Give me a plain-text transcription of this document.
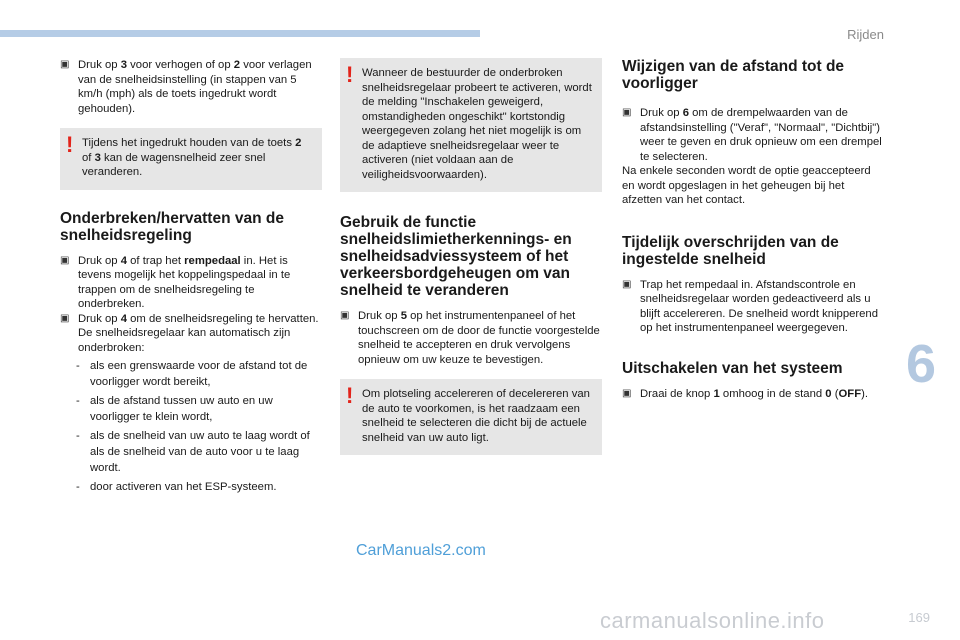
Rijden
6
169
▣ Druk op 3 voor verhogen of op 2 voor verlagen van de snelheidsinstelling (in stappen van 5 km/h (mph) als de toets ingedrukt wordt gehouden).
! Tijdens het ingedrukt houden van de toets 2 of 3 kan de wagensnelheid zeer snel veranderen.
Onderbreken/hervatten van de snelheidsregeling
▣ Druk op 4 of trap het rempedaal in. Het is tevens mogelijk het koppelingspedaal in te trappen om de snelheidsregeling te onderbreken.
▣ Druk op 4 om de snelheidsregeling te hervatten. De snelheidsregelaar kan automatisch zijn onderbroken:
- als een grenswaarde voor de afstand tot de voorligger wordt bereikt,
- als de afstand tussen uw auto en uw voorligger te klein wordt,
- als de snelheid van uw auto te laag wordt of als de snelheid van de auto voor u te laag wordt.
- door activeren van het ESP-systeem.
! Wanneer de bestuurder de onderbroken snelheidsregelaar probeert te activeren, wordt de melding "Inschakelen geweigerd, omstandigheden ongeschikt" kortstondig weergegeven zolang het niet mogelijk is om de adaptieve snelheidsregelaar weer te activeren (niet voldaan aan de veiligheidsvoorwaarden).
Gebruik de functie snelheidslimietherkennings- en snelheidsadviessysteem of het verkeersbordgeheugen om van snelheid te veranderen
▣ Druk op 5 op het instrumentenpaneel of het touchscreen om de door de functie voorgestelde snelheid te accepteren en druk vervolgens opnieuw om uw keuze te bevestigen.
! Om plotseling accelereren of decelereren van de auto te voorkomen, is het raadzaam een snelheid te selecteren die dicht bij de actuele snelheid van uw auto ligt.
Wijzigen van de afstand tot de voorligger
▣ Druk op 6 om de drempelwaarden van de afstandsinstelling ("Veraf", "Normaal", "Dichtbij") weer te geven en druk opnieuw om een drempel te selecteren.
Na enkele seconden wordt de optie geaccepteerd en wordt opgeslagen in het geheugen bij het afzetten van het contact.
Tijdelijk overschrijden van de ingestelde snelheid
▣ Trap het rempedaal in. Afstandscontrole en snelheidsregelaar worden gedeactiveerd als u blijft accelereren. De snelheid wordt knipperend op het instrumentenpaneel weergegeven.
Uitschakelen van het systeem
▣ Draai de knop 1 omhoog in de stand 0 (OFF).
CarManuals2.com
carmanualsonline.info
